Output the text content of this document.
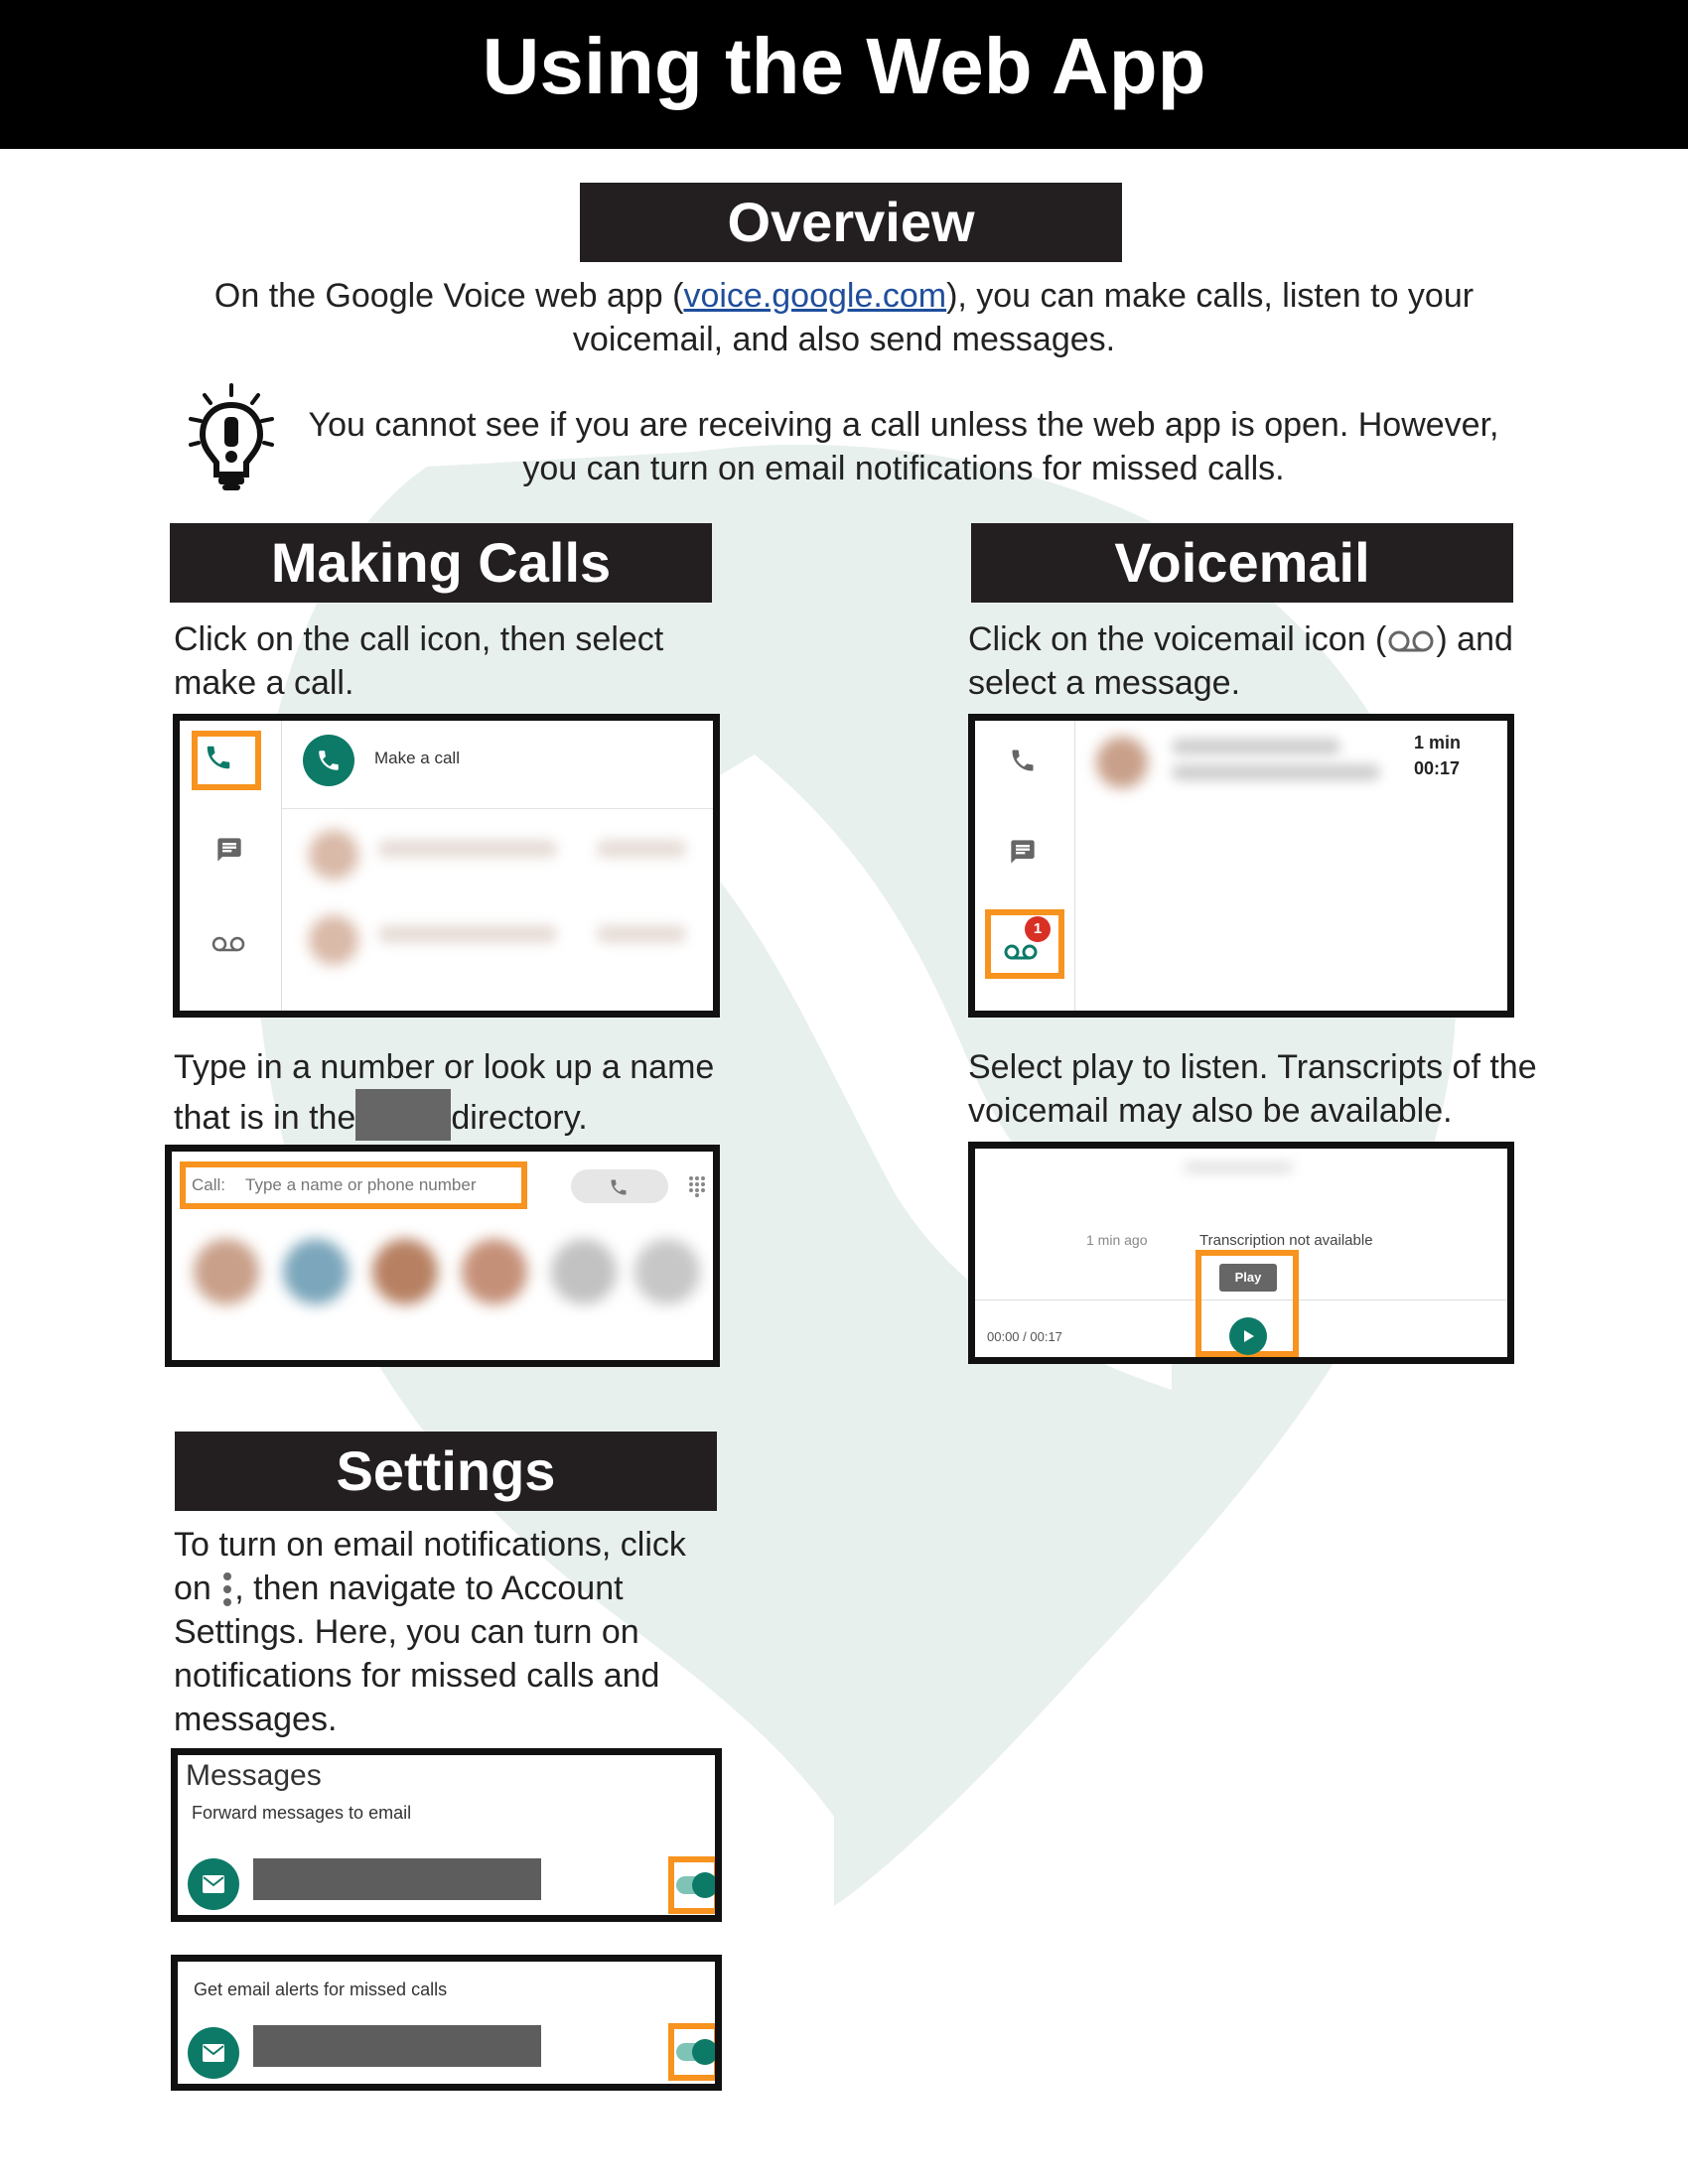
Using the Web App
Overview
On the Google Voice web app (voice.google.com), you can make calls, listen to your voicemail, and also send messages.
You cannot see if you are receiving a call unless the web app is open. However, you can turn on email notifications for missed calls.
Making Calls
Click on the call icon, then select make a call.
Make a call
Type in a number or look up a name that is in the	directory.
Call: Type a name or phone number
Voicemail
Click on the voicemail icon ( ) and select a message.
1
1 min
00:17
Select play to listen. Transcripts of the voicemail may also be available.
1 min ago	Transcription not available
Play
00:00 / 00:17
Settings
To turn on email notifications, click on , then navigate to Account Settings. Here, you can turn on notifications for missed calls and messages.
Messages
Forward messages to email
Get email alerts for missed calls
